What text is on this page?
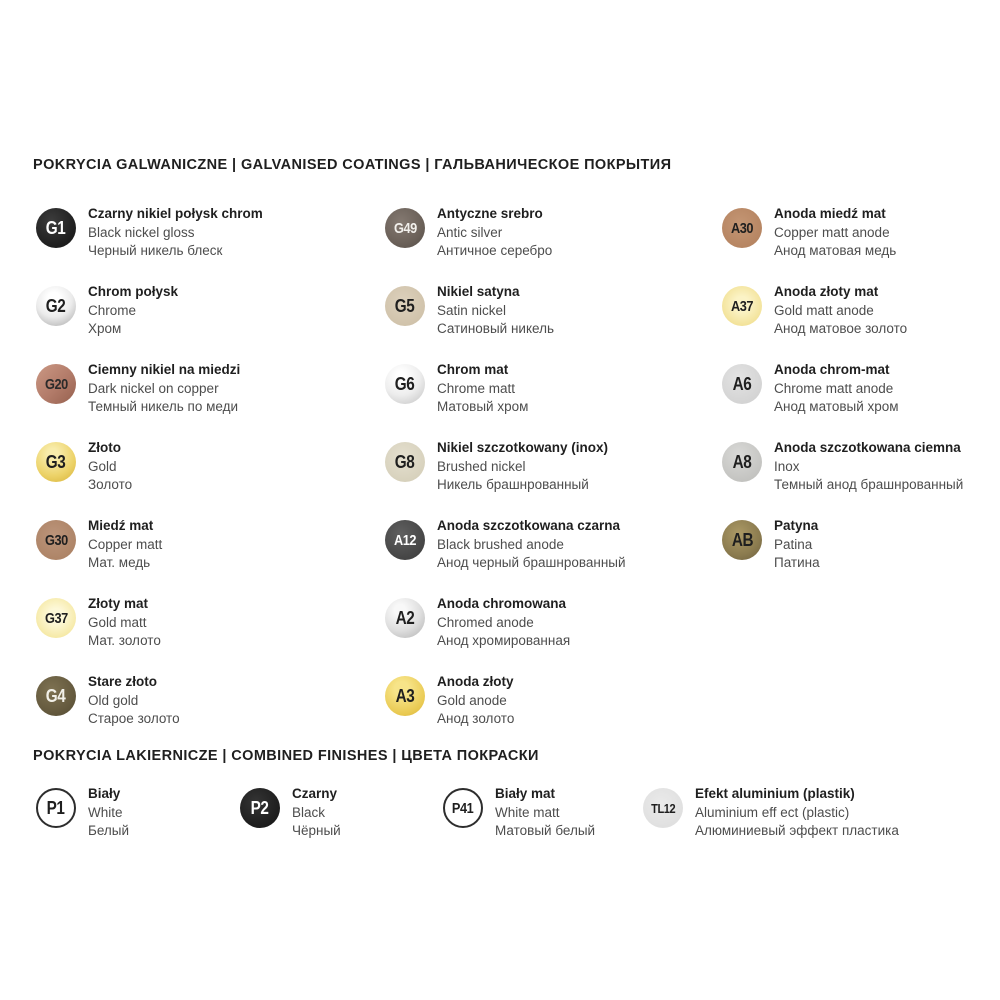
POKRYCIA GALWANICZNE | GALVANISED COATINGS | ГАЛЬВАНИЧЕСКОЕ ПОКРЫТИЯ
G1
Czarny nikiel połysk chrom
Black nickel gloss
Черный никель блеск
G2
Chrom połysk
Chrome
Хром
G20
Ciemny nikiel na miedzi
Dark nickel on copper
Темный никель по меди
G3
Złoto
Gold
Золото
G30
Miedź mat
Copper matt
Мат. медь
G37
Złoty mat
Gold matt
Мат. золото
G4
Stare złoto
Old gold
Старое золото
G49
Antyczne srebro
Antic silver
Античное серебро
G5
Nikiel satyna
Satin nickel
Сатиновый никель
G6
Chrom mat
Chrome matt
Матовый хром
G8
Nikiel szczotkowany (inox)
Brushed nickel
Никель брашнрованный
A12
Anoda szczotkowana czarna
Black brushed anode
Анод черный брашнрованный
A2
Anoda chromowana
Chromed anode
Анод хромированная
A3
Anoda złoty
Gold anode
Анод золото
A30
Anoda miedź mat
Copper matt anode
Анод матовая медь
A37
Anoda złoty mat
Gold matt anode
Анод матовое золото
A6
Anoda chrom-mat
Chrome matt anode
Анод матовый хром
A8
Anoda szczotkowana ciemna
Inox
Темный анод брашнрованный
AB
Patyna
Patina
Патина
POKRYCIA LAKIERNICZE | COMBINED FINISHES | ЦВЕТА ПОКРАСКИ
P1
Biały
White
Белый
P2
Czarny
Black
Чёрный
P41
Biały mat
White matt
Матовый белый
TL12
Efekt aluminium (plastik)
Aluminium eff ect (plastic)
Алюминиевый эффект пластика
